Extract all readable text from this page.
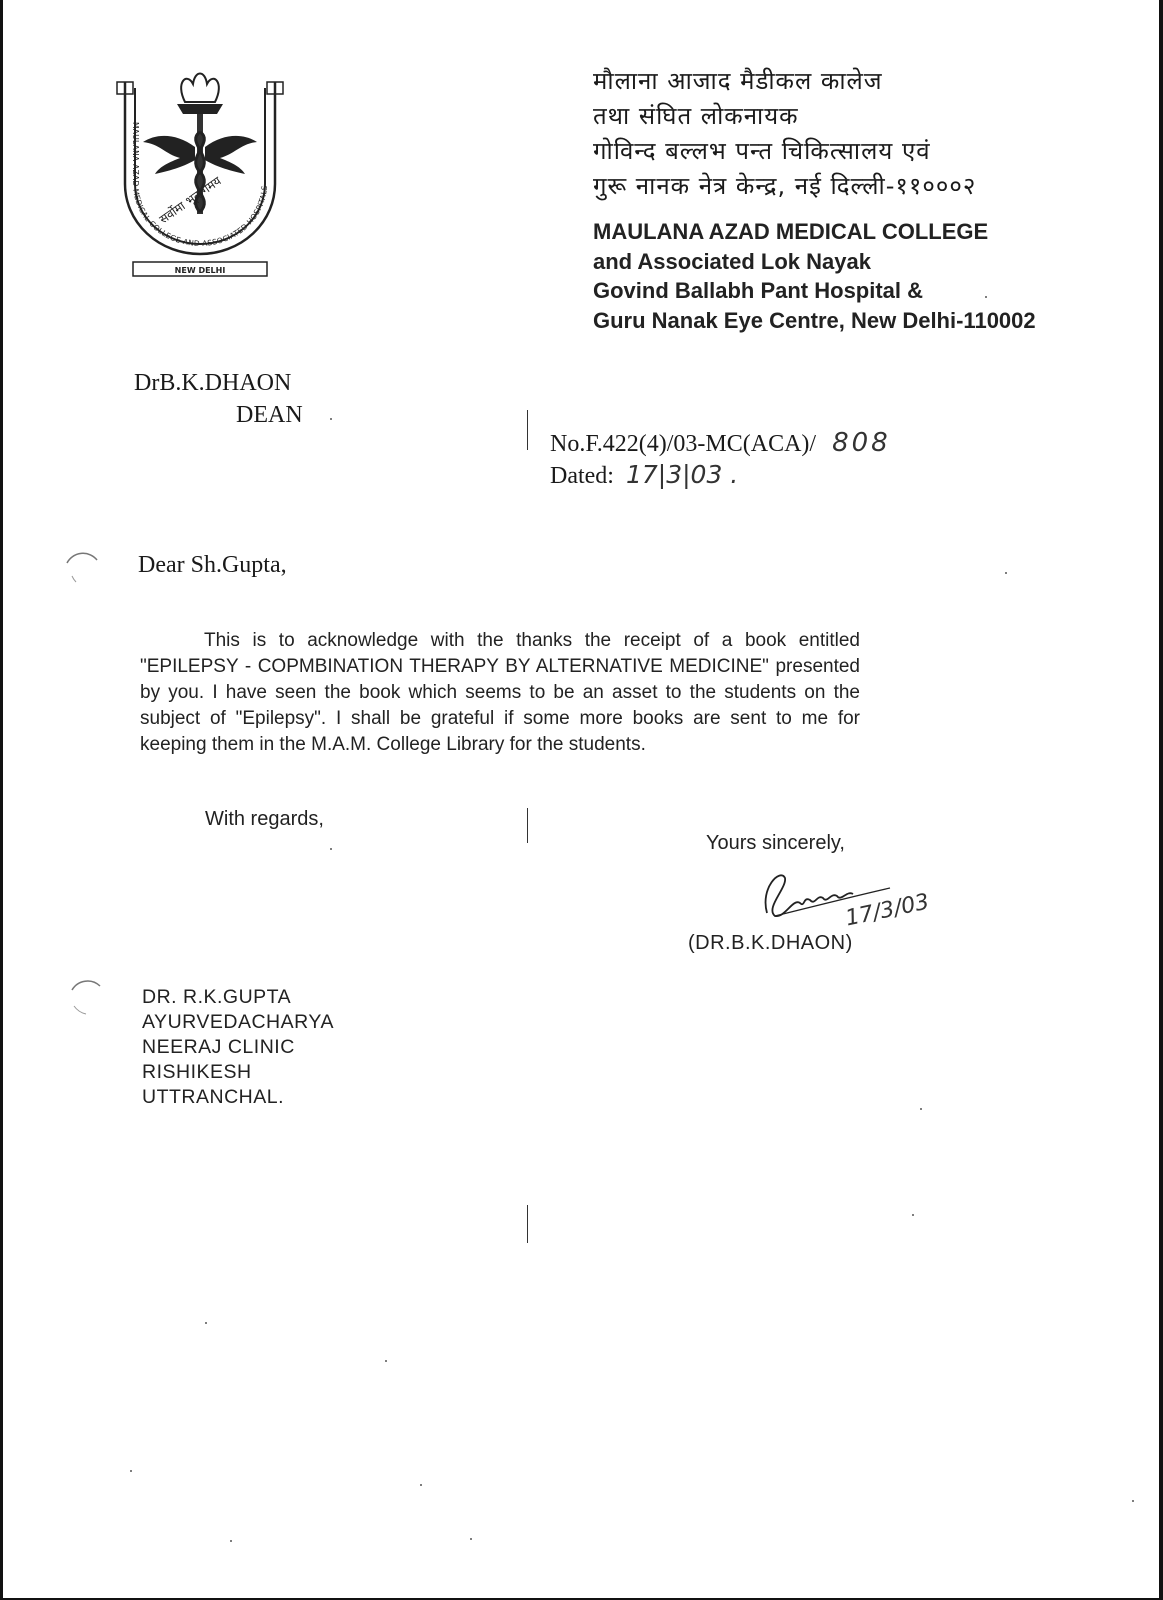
सर्वोमा भूत गमय
MAULANA AZAD MEDICAL COLLEGE AND ASSOCIATED HOSPITALS
NEW DELHI
मौलाना आजाद मैडीकल कालेज
तथा संघित लोकनायक
गोविन्द बल्लभ पन्त चिकित्सालय एवं
गुरू नानक नेत्र केन्द्र, नई दिल्ली-११०००२
MAULANA AZAD MEDICAL COLLEGE
and Associated Lok Nayak
Govind Ballabh Pant Hospital &
Guru Nanak Eye Centre, New Delhi-110002
DrB.K.DHAON
DEAN
No.F.422(4)/03-MC(ACA)/ 808
Dated: 17|3|03 .
Dear Sh.Gupta,
This is to acknowledge with the thanks the receipt of a book entitled "EPILEPSY - COPMBINATION THERAPY BY ALTERNATIVE MEDICINE" presented by you. I have seen the book which seems to be an asset to the students on the subject of "Epilepsy". I shall be grateful if some more books are sent to me for keeping them in the M.A.M. College Library for the students.
With regards,
Yours sincerely,
17/3/03
(DR.B.K.DHAON)
DR. R.K.GUPTA
AYURVEDACHARYA
NEERAJ CLINIC
RISHIKESH
UTTRANCHAL.
